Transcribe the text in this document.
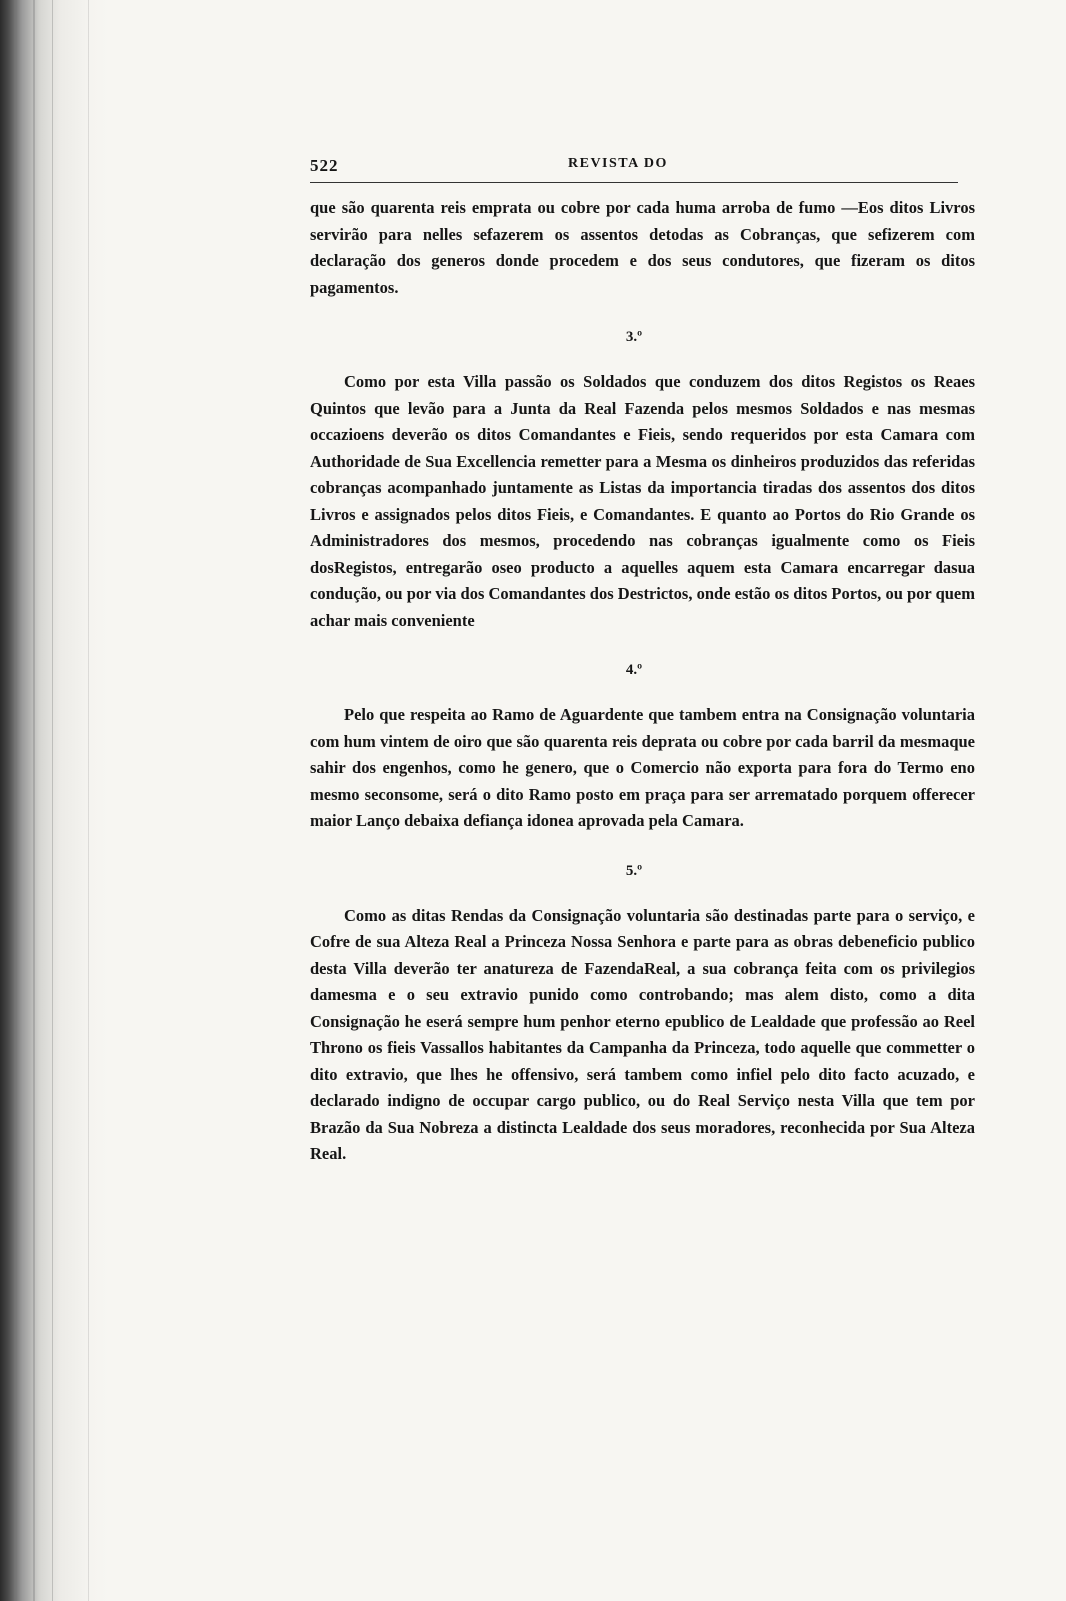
522	REVISTA DO

que são quarenta reis emprata ou cobre por cada huma arroba de fumo —Eos ditos Livros servirão para nelles sefazerem os assentos detodas as Cobranças, que sefizerem com declaração dos generos donde procedem e dos seus condutores, que fizeram os ditos pagamentos.

3.º

Como por esta Villa passão os Soldados que conduzem dos ditos Registos os Reaes Quintos que levão para a Junta da Real Fazenda pelos mesmos Soldados e nas mesmas occazioens deverão os ditos Comandantes e Fieis, sendo requeridos por esta Camara com Authoridade de Sua Excellencia remetter para a Mesma os dinheiros produzidos das referidas cobranças acompanhado juntamente as Listas da importancia tiradas dos assentos dos ditos Livros e assignados pelos ditos Fieis, e Comandantes. E quanto ao Portos do Rio Grande os Administradores dos mesmos, procedendo nas cobranças igualmente como os Fieis dosRegistos, entregarão oseo producto a aquelles aquem esta Camara encarregar dasua condução, ou por via dos Comandantes dos Destrictos, onde estão os ditos Portos, ou por quem achar mais conveniente

4.º

Pelo que respeita ao Ramo de Aguardente que tambem entra na Consignação voluntaria com hum vintem de oiro que são quarenta reis deprata ou cobre por cada barril da mesmaque sahir dos engenhos, como he genero, que o Comercio não exporta para fora do Termo eno mesmo seconsome, será o dito Ramo posto em praça para ser arrematado porquem offerecer maior Lanço debaixa defiança idonea aprovada pela Camara.

5.º

Como as ditas Rendas da Consignação voluntaria são destinadas parte para o serviço, e Cofre de sua Alteza Real a Princeza Nossa Senhora e parte para as obras debeneficio publico desta Villa deverão ter anatureza de FazendaReal, a sua cobrança feita com os privilegios damesma e o seu extravio punido como controbando; mas alem disto, como a dita Consignação he eserá sempre hum penhor eterno epublico de Lealdade que professão ao Reel Throno os fieis Vassallos habitantes da Campanha da Princeza, todo aquelle que commetter o dito extravio, que lhes he offensivo, será tambem como infiel pelo dito facto acuzado, e declarado indigno de occupar cargo publico, ou do Real Serviço nesta Villa que tem por Brazão da Sua Nobreza a distincta Lealdade dos seus moradores, reconhecida por Sua Alteza Real.
